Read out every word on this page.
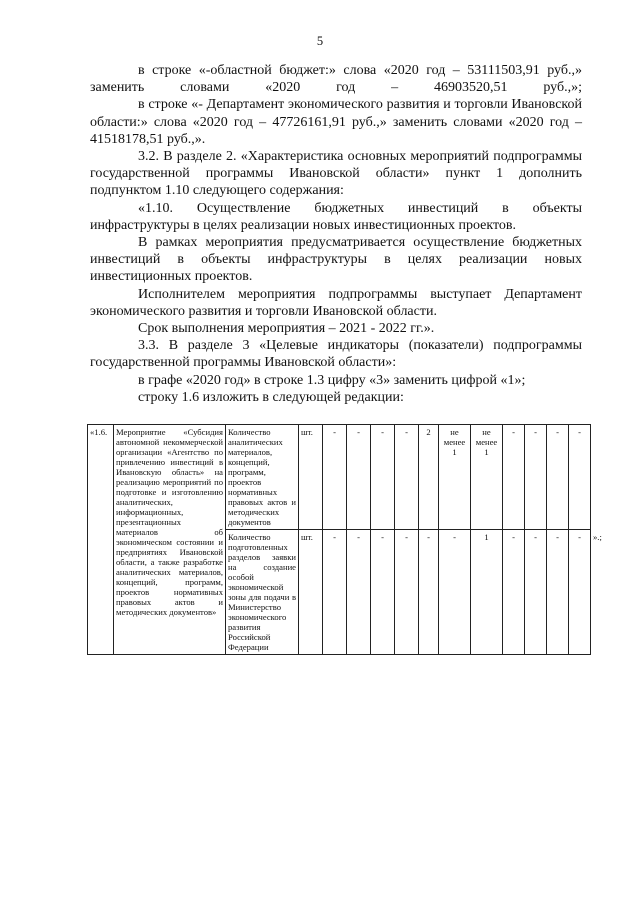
5

в строке «-областной бюджет:» слова «2020 год – 53111503,91 руб.,» заменить словами «2020 год – 46903520,51 руб.,»;

в строке «- Департамент экономического развития и торговли Ивановской области:» слова «2020 год – 47726161,91 руб.,» заменить словами «2020 год – 41518178,51 руб.,».

3.2. В разделе 2. «Характеристика основных мероприятий подпрограммы государственной программы Ивановской области» пункт 1 дополнить подпунктом 1.10 следующего содержания:

«1.10. Осуществление бюджетных инвестиций в объекты инфраструктуры в целях реализации новых инвестиционных проектов.

В рамках мероприятия предусматривается осуществление бюджетных инвестиций в объекты инфраструктуры в целях реализации новых инвестиционных проектов.

Исполнителем мероприятия подпрограммы выступает Департамент экономического развития и торговли Ивановской области.

Срок выполнения мероприятия – 2021 - 2022 гг.».

3.3. В разделе 3 «Целевые индикаторы (показатели) подпрограммы государственной программы Ивановской области»:

в графе «2020 год» в строке 1.3 цифру «3» заменить цифрой «1»;

строку 1.6 изложить в следующей редакции:

«1.6.	Мероприятие «Субсидия автономной некоммерческой организации «Агентство по привлечению инвестиций в Ивановскую область» на реализацию мероприятий по подготовке и изготовлению аналитических, информационных, презентационных материалов об экономическом состоянии и предприятиях Ивановской области, а также разработке аналитических материалов, концепций, программ, проектов нормативных правовых актов и методических документов»	Количество аналитических материалов, концепций, программ, проектов нормативных правовых актов и методических документов	шт.	-	-	-	-	2	не менее 1	не менее 1	-	-	-	-	
		Количество подготовленных разделов заявки на создание особой экономической зоны для подачи в Министерство экономического развития Российской Федерации	шт.	-	-	-	-	-	-	1	-	-	-	-	».;
